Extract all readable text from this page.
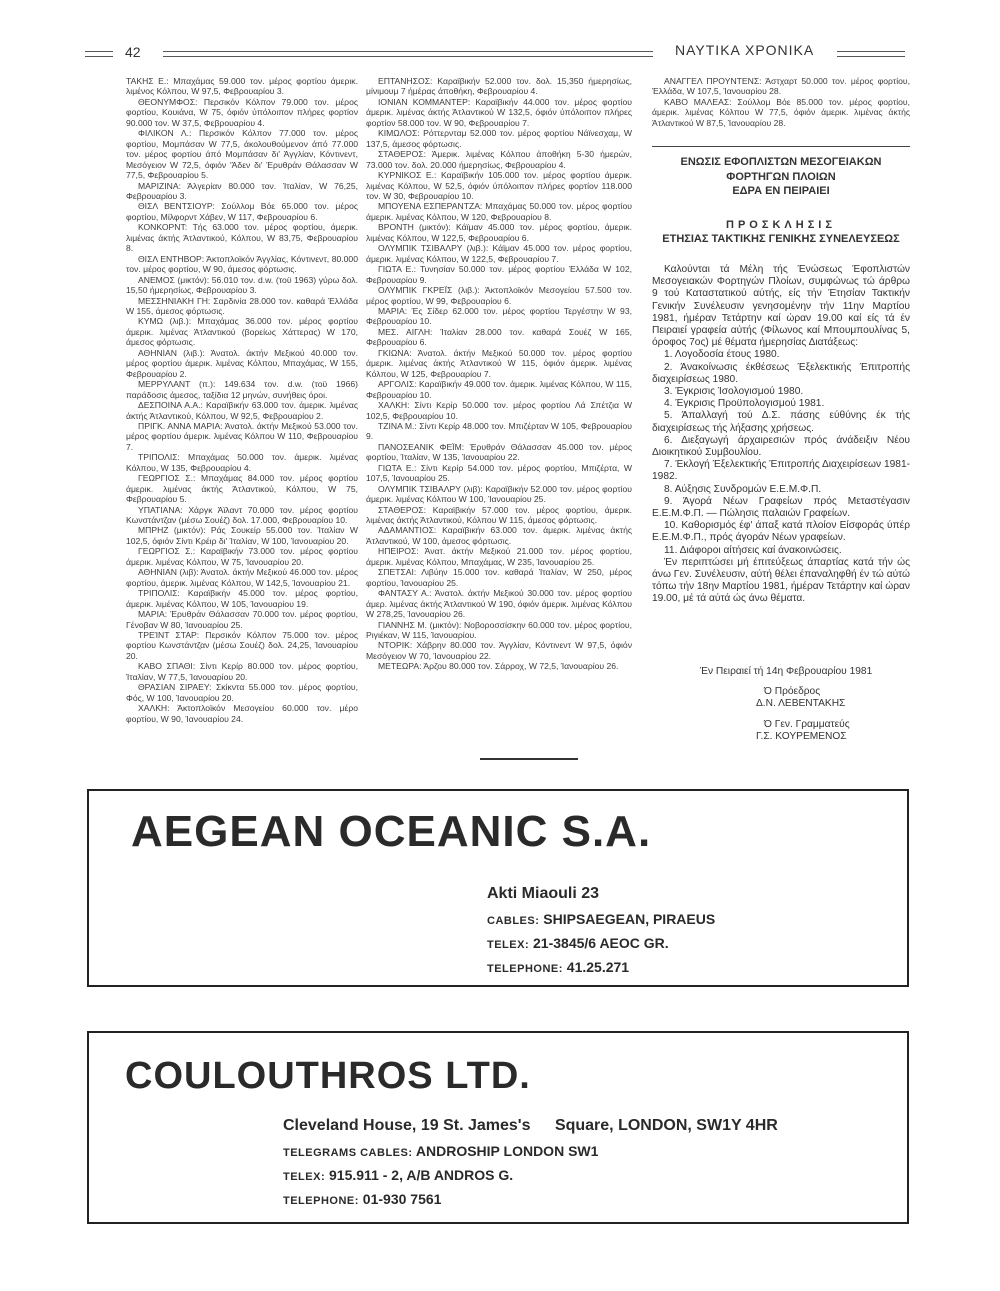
42	ΝΑΥΤΙΚΑ ΧΡΟΝΙΚΑ

ΤΑΚΗΣ Ε.: Μπαχάμας 59.000 τον. μέρος φορτίου άμερικ. λιμένος Κόλπου, W 97,5, Φεβρουαρίου 3.

ΘΕΟΝΥΜΦΟΣ: Περσικόν Κόλπον 79.000 τον. μέρος φορτίου, Κουιάνα, W 75, όφιόν ύπόλοιπον πλήρες φορτίον 90.000 τον. W 37,5, Φεβρουαρίου 4.

ΦΙΛΙΚΟΝ Λ.: Περσικόν Κόλπον 77.000 τον. μέρος φορτίου, Μομπάσαν W 77,5, άκολουθούμενον άπό 77.000 τον. μέρος φορτίου άπό Μομπάσαν δι' Άγγλίαν, Κόντινεντ, Μεσόγειον W 72,5, όφιόν 'Άδεν δι' Έρυθράν Θάλασσαν W 77,5, Φεβρουαρίου 5.

ΜΑΡΙΖΙΝΑ: Άλγερίαν 80.000 τον. Ίταλίαν, W 76,25, Φεβρουαρίου 3.

ΘΙΣΛ ΒΕΝΤΣΙΟΥΡ: Σούλλομ Βόε 65.000 τον. μέρος φορτίου, Μίλφορντ Χάβεν, W 117, Φεβρουαρίου 6.

ΚΟΝΚΟΡΝΤ: Τής 63.000 τον. μέρος φορτίου, άμερικ. λιμένας άκτής Άτλαντικού, Κόλπου, W 83,75, Φεβρουαρίου 8.

ΘΙΣΛ ΕΝΤΗΒΟΡ: Άκτοπλοϊκόν Άγγλίας, Κόντινεντ, 80.000 τον. μέρος φορτίου, W 90, άμεσος φόρτωσις.

ΑΝΕΜΟΣ (μικτόν): 56.010 τον. d.w. (τοϋ 1963) γύρω δολ. 15,50 ήμερησίως, Φεβρουαρίου 3.

ΜΕΣΣΗΝΙΑΚΗ ΓΗ: Σαρδινία 28.000 τον. καθαρά Έλλάδα W 155, άμεσος φόρτωσις.

ΚΥΜΩ (λιβ.): Μπαχάμας 36.000 τον. μέρος φορτίου άμερικ. λιμένας Άτλαντικού (βορείως Χάττερας) W 170, άμεσος φόρτωσις.

ΑΘΗΝΙΑΝ (λιβ.): Άνατολ. άκτήν Μεξικού 40.000 τον. μέρος φορτίου άμερικ. λιμένας Κόλπου, Μπαχάμας, W 155, Φεβρουαρίου 2.

ΜΕΡΡΥΛΑΝΤ (π.): 149.634 τον. d.w. (τοϋ 1966) παράδοσις άμεσος, ταξίδια 12 μηνών, συνήθεις όροι.

ΔΕΣΠΟΙΝΑ Α.Α.: Καραϊβικήν 63.000 τον. άμερικ. λιμένας άκτής Άτλαντικού, Κόλπου, W 92,5, Φεβρουαρίου 2.

ΠΡΙΓΚ. ΑΝΝΑ ΜΑΡΙΑ: Άνατολ. άκτήν Μεξικού 53.000 τον. μέρος φορτίου άμερικ. λιμένας Κόλπου W 110, Φεβρουαρίου 7.

ΤΡΙΠΟΛΙΣ: Μπαχάμας 50.000 τον. άμερικ. λιμένας Κόλπου, W 135, Φεβρουαρίου 4.

ΓΕΩΡΓΙΟΣ Σ.: Μπαχάμας 84.000 τον. μέρος φορτίου άμερικ. λιμένας άκτής Άτλαντικού, Κόλπου, W 75, Φεβρουαρίου 5.

ΥΠΑΤΙΑΝΑ: Χάργκ Άϊλαντ 70.000 τον. μέρος φορτίου Κωνστάντζαν (μέσω Σουέζ) δολ. 17.000, Φεβρουαρίου 10.

ΜΠΡΗΖ (μικτόν): Ράς Σουκείρ 55.000 τον. Ίταλίαν W 102,5, όφιόν Σίντι Κρέιρ δι' Ίταλίαν, W 100, Ίανουαρίου 20.

ΓΕΩΡΓΙΟΣ Σ.: Καραϊβικήν 73.000 τον. μέρος φορτίου άμερικ. λιμένας Κόλπου, W 75, Ίανουαρίου 20.

ΑΘΗΝΙΑΝ (λιβ): Άνατολ. άκτήν Μεξικού 46.000 τον. μέρος φορτίου, άμερικ. λιμένας Κόλπου, W 142,5, Ίανουαρίου 21.

ΤΡΙΠΟΛΙΣ: Καραϊβικήν 45.000 τον. μέρος φορτίου, άμερικ. λιμένας Κόλπου, W 105, Ίανουαρίου 19.

ΜΑΡΙΑ: Έρυθράν Θάλασσαν 70.000 τον. μέρος φορτίου, Γένοβαν W 80, Ίανουαρίου 25.

ΤΡΕΊΝΤ ΣΤΑΡ: Περσικόν Κόλπον 75.000 τον. μέρος φορτίου Κωνστάντζαν (μέσω Σουέζ) δολ. 24,25, Ίανουαρίου 20.

ΚΑΒΟ ΣΠΑΘΙ: Σίντι Κερίρ 80.000 τον. μέρος φορτίου, Ίταλίαν, W 77,5, Ίανουαρίου 20.

ΘΡΑΣΙΑΝ ΣΙΡΑΕΥ: Σκίκντα 55.000 τον. μέρος φορτίου, Φός, W 100, Ίανουαρίου 20.

ΧΑΛΚΗ: Άκτοπλοϊκόν Μεσογείου 60.000 τον. μέρο φορτίου, W 90, Ίανουαρίου 24.

ΕΠΤΑΝΗΣΟΣ: Καραϊβικήν 52.000 τον. δολ. 15,350 ήμερησίως, μίνιμουμ 7 ήμέρας άποθήκη, Φεβρουαρίου 4.

ΙΟΝΙΑΝ ΚΟΜΜΑΝΤΕΡ: Καραϊβικήν 44.000 τον. μέρος φορτίου άμερικ. λιμένας άκτής Άτλαντικού W 132,5, όφιόν ύπόλοιπον πλήρες φορτίον 58.000 τον. W 90, Φεβρουαρίου 7.

ΚΙΜΩΛΟΣ: Ρόττερνταμ 52.000 τον. μέρος φορτίου Νάϊνεσχαμ, W 137,5, άμεσος φόρτωσις.

ΣΤΑΘΕΡΟΣ: Άμερικ. λιμένας Κόλπου άποθήκη 5-30 ήμερών, 73.000 τον. δολ. 20.000 ήμερησίως, Φεβρουαρίου 4.

ΚΥΡΝΙΚΟΣ Ε.: Καραϊβικήν 105.000 τον. μέρος φορτίου άμερικ. λιμένας Κόλπου, W 52,5, όφιόν ύπόλοιπον πλήρες φορτίον 118.000 τον. W 30, Φεβρουαρίου 10.

ΜΠΟΥΕΝΑ ΕΣΠΕΡΑΝΤΖΑ: Μπαχάμας 50.000 τον. μέρος φορτίου άμερικ. λιμένας Κόλπου, W 120, Φεβρουαρίου 8.

ΒΡΟΝΤΗ (μικτόν): Κάϊμαν 45.000 τον. μέρος φορτίου, άμερικ. λιμένας Κόλπου, W 122,5, Φεβρουαρίου 6.

ΟΛΥΜΠΙΚ ΤΣΙΒΑΛΡΥ (λιβ.): Κάϊμαν 45.000 τον. μέρος φορτίου, άμερικ. λιμένας Κόλπου, W 122,5, Φεβρουαρίου 7.

ΓΙΩΤΑ Ε.: Τυνησίαν 50.000 τον. μέρος φορτίου Έλλάδα W 102, Φεβρουαρίου 9.

ΟΛΥΜΠΙΚ ΓΚΡΕΪΣ (λιβ.): Άκτοπλοϊκόν Μεσογείου 57.500 τον. μέρος φορτίου, W 99, Φεβρουαρίου 6.

ΜΑΡΙΑ: Ές Σίδερ 62.000 τον. μέρος φορτίου Τεργέστην W 93, Φεβρουαρίου 10.

ΜΕΣ. ΑΙΓΛΗ: Ίταλίαν 28.000 τον. καθαρά Σουέζ W 165, Φεβρουαρίου 6.

ΓΚΙΩΝΑ: Άνατολ. άκτήν Μεξικού 50.000 τον. μέρος φορτίου άμερικ. λιμένας άκτής Άτλαντικού W 115, όφιόν άμερικ. λιμένας Κόλπου, W 125, Φεβρουαρίου 7.

ΑΡΓΟΛΙΣ: Καραϊβικήν 49.000 τον. άμερικ. λιμένας Κόλπου, W 115, Φεβρουαρίου 10.

ΧΑΛΚΗ: Σίντι Κερίρ 50.000 τον. μέρος φορτίου Λά Σπέτζια W 102,5, Φεβρουαρίου 10.

ΤΖΙΝΑ Μ.: Σίντι Κερίρ 48.000 τον. Μπιζέρταν W 105, Φεβρουαρίου 9.

ΠΑΝΟΣΕΑΝΙΚ ΦΕΪΜ: Έρυθράν Θάλασσαν 45.000 τον. μέρος φορτίου, Ίταλίαν, W 135, Ίανουαρίου 22.

ΓΙΩΤΑ Ε.: Σίντι Κερίρ 54.000 τον. μέρος φορτίου, Μπιζέρτα, W 107,5, Ίανουαρίου 25.

ΟΛΥΜΠΙΚ ΤΣΙΒΑΛΡΥ (λιβ): Καραϊβικήν 52.000 τον. μέρος φορτίου άμερικ. λιμένας Κόλπου W 100, Ίανουαρίου 25.

ΣΤΑΘΕΡΟΣ: Καραϊβικήν 57.000 τον. μέρος φορτίου, άμερικ. λιμένας άκτής Άτλαντικού, Κόλπου W 115, άμεσος φόρτωσις.

ΑΔΑΜΑΝΤΙΟΣ: Καραϊβικήν 63.000 τον. άμερικ. λιμένας άκτής Άτλαντικού, W 100, άμεσος φόρτωσις.

ΗΠΕΙΡΟΣ: Άνατ. άκτήν Μεξικού 21.000 τον. μέρος φορτίου, άμερικ. λιμένας Κόλπου, Μπαχάμας, W 235, Ίανουαρίου 25.

ΣΠΕΤΣΑΙ: Λιβύην 15.000 τον. καθαρά Ίταλίαν, W 250, μέρος φορτίου, Ίανουαρίου 25.

ΦΑΝΤΑΣΥ Α.: Άνατολ. άκτήν Μεξικού 30.000 τον. μέρος φορτίου άμερ. λιμένας άκτής Άτλαντικού W 190, όφιόν άμερικ. λιμένας Κόλπου W 278,25, Ίανουαρίου 26.

ΓΙΑΝΝΗΣ Μ. (μικτόν): Νοβοροσσίσκην 60.000 τον. μέρος φορτίου, Ριγιέκαν, W 115, Ίανουαρίου.

ΝΤΟΡΙΚ: Χάβρην 80.000 τον. Άγγλίαν, Κόντινεντ W 97,5, όφιόν Μεσόγειον W 70, Ίανουαρίου 22.

ΜΕΤΕΩΡΑ: Άρζου 80.000 τον. Σάρροχ, W 72,5, Ίανουαρίου 26.

ΑΝΑΓΓΕΛ ΠΡΟΥΝΤΕΝΣ: Άστχαρτ 50.000 τον. μέρος φορτίου, Έλλάδα, W 107,5, Ίανουαρίου 28.

ΚΑΒΟ ΜΑΛΕΑΣ: Σούλλομ Βόε 85.000 τον. μέρος φορτίου, άμερικ. λιμένας Κόλπου W 77,5, όφιόν άμερικ. λιμένας άκτής Άτλαντικού W 87,5, Ίανουαρίου 28.

ΕΝΩΣΙΣ ΕΦΟΠΛΙΣΤΩΝ ΜΕΣΟΓΕΙΑΚΩΝ
ΦΟΡΤΗΓΩΝ ΠΛΟΙΩΝ
ΕΔΡΑ ΕΝ ΠΕΙΡΑΙΕΙ
ΠΡΟΣΚΛΗΣΙΣ
ΕΤΗΣΙΑΣ ΤΑΚΤΙΚΗΣ ΓΕΝΙΚΗΣ ΣΥΝΕΛΕΥΣΕΩΣ

Καλούνται τά Μέλη τής Ένώσεως Έφοπλιστών Μεσογειακών Φορτηγών Πλοίων, συμφώνως τώ άρθρω 9 τού Καταστατικού αύτής, είς τήν Έτησίαν Τακτικήν Γενικήν Συνέλευσιν γενησομένην τήν 11ην Μαρτίου 1981, ήμέραν Τετάρτην καί ώραν 19.00 καί είς τά έν Πειραιεί γραφεία αύτής (Φίλωνος καί Μπουμπουλίνας 5, όροφος 7ος) μέ θέματα ήμερησίας Διατάξεως:

1. Λογοδοσία έτους 1980.

2. Άνακοίνωσις έκθέσεως Έξελεκτικής Έπιτροπής διαχειρίσεως 1980.

3. Έγκρισις Ίσολογισμού 1980.

4. Έγκρισις Προϋπολογισμού 1981.

5. Άπαλλαγή τού Δ.Σ. πάσης εύθύνης έκ τής διαχειρίσεως τής λήξασης χρήσεως.

6. Διεξαγωγή άρχαιρεσιών πρός άνάδειξιν Νέου Διοικητικού Συμβουλίου.

7. Έκλογή Έξελεκτικής Έπιτροπής Διαχειρίσεων 1981-1982.

8. Αύξησις Συνδρομών Ε.Ε.Μ.Φ.Π.

9. Άγορά Νέων Γραφείων πρός Μεταστέγασιν Ε.Ε.Μ.Φ.Π. — Πώλησις παλαιών Γραφείων.

10. Καθορισμός έφ' άπαξ κατά πλοίον Είσφοράς ύπέρ Ε.Ε.Μ.Φ.Π., πρός άγοράν Νέων γραφείων.

11. Διάφοροι αίτήσεις καί άνακοινώσεις.

Έν περιπτώσει μή έπιτεύξεως άπαρτίας κατά τήν ώς άνω Γεν. Συνέλευσιν, αύτή θέλει έπαναληφθή έν τώ αύτώ τόπω τήν 18ην Μαρτίου 1981, ήμέραν Τετάρτην καί ώραν 19.00, μέ τά αύτά ώς άνω θέματα.

Έν Πειραιεί τή 14η Φεβρουαρίου 1981
Ό Πρόεδρος
Δ.Ν. ΛΕΒΕΝΤΑΚΗΣ
Ό Γεν. Γραμματεύς
Γ.Σ. ΚΟΥΡΕΜΕΝΟΣ
AEGEAN OCEANIC S.A.
Akti Miaouli 23
CABLES: SHIPSAEGEAN, PIRAEUS
TELEX: 21-3845/6 AEOC GR.
TELEPHONE: 41.25.271
COULOUTHROS LTD.
Cleveland House, 19 St. James's Square, LONDON, SW1Y 4HR
TELEGRAMS CABLES: ANDROSHIP LONDON SW1
TELEX: 915.911 - 2, A/B ANDROS G.
TELEPHONE: 01-930 7561
